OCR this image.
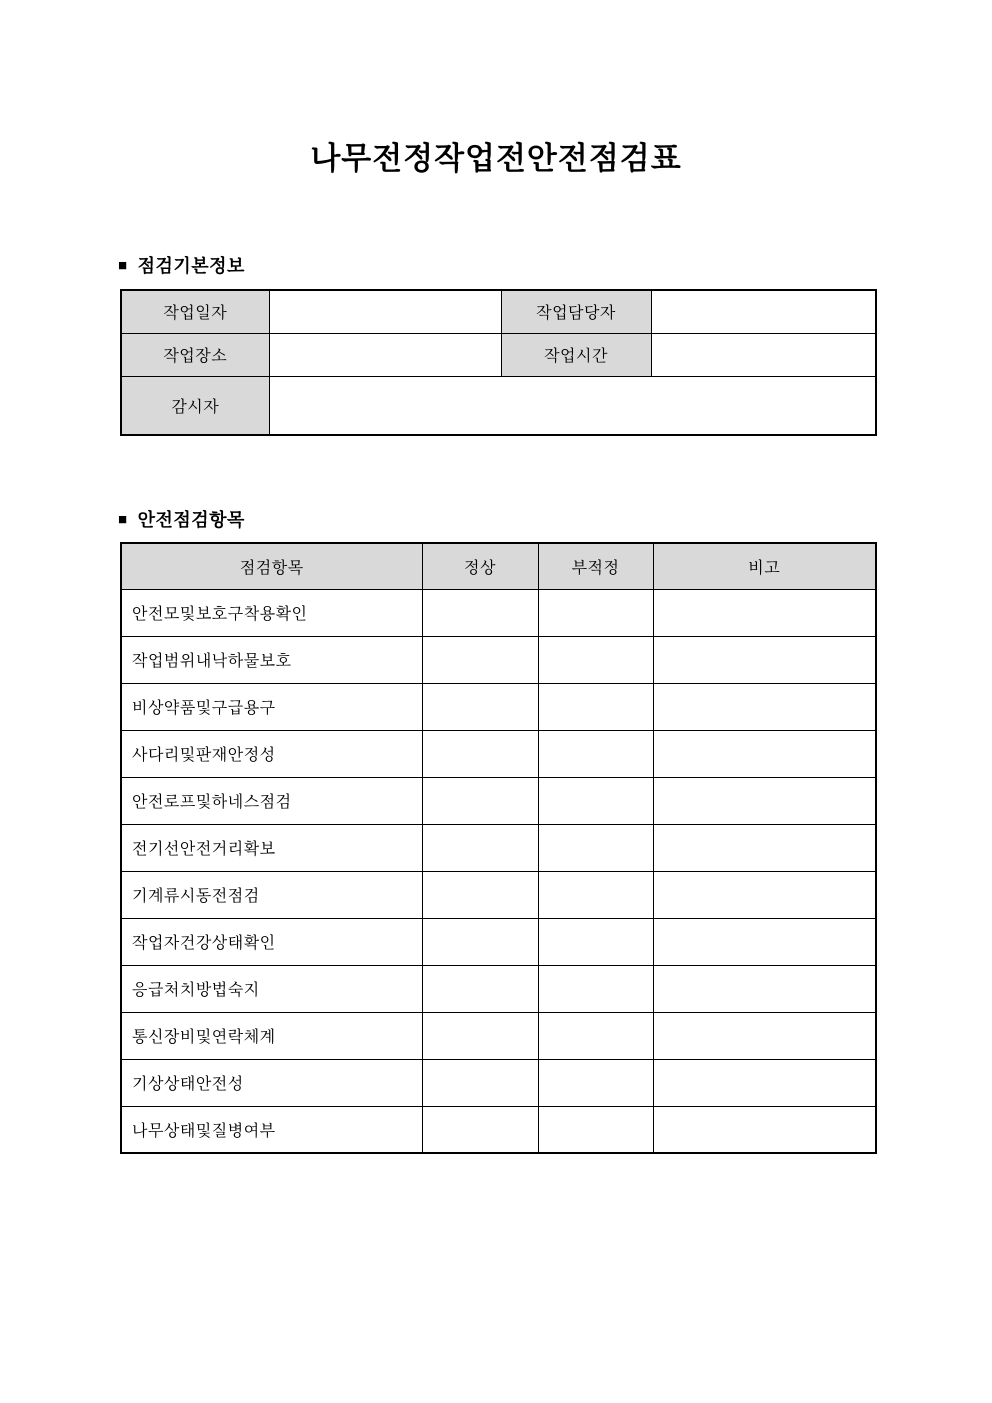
나무전정작업전안전점검표
■ 점검기본정보
작업일자		작업담당자	
작업장소		작업시간	
감시자			
■ 안전점검항목
점검항목	정상	부적정	비고
안전모및보호구착용확인			
작업범위내낙하물보호			
비상약품및구급용구			
사다리및판재안정성			
안전로프및하네스점검			
전기선안전거리확보			
기계류시동전점검			
작업자건강상태확인			
응급처치방법숙지			
통신장비및연락체계			
기상상태안전성			
나무상태및질병여부			
